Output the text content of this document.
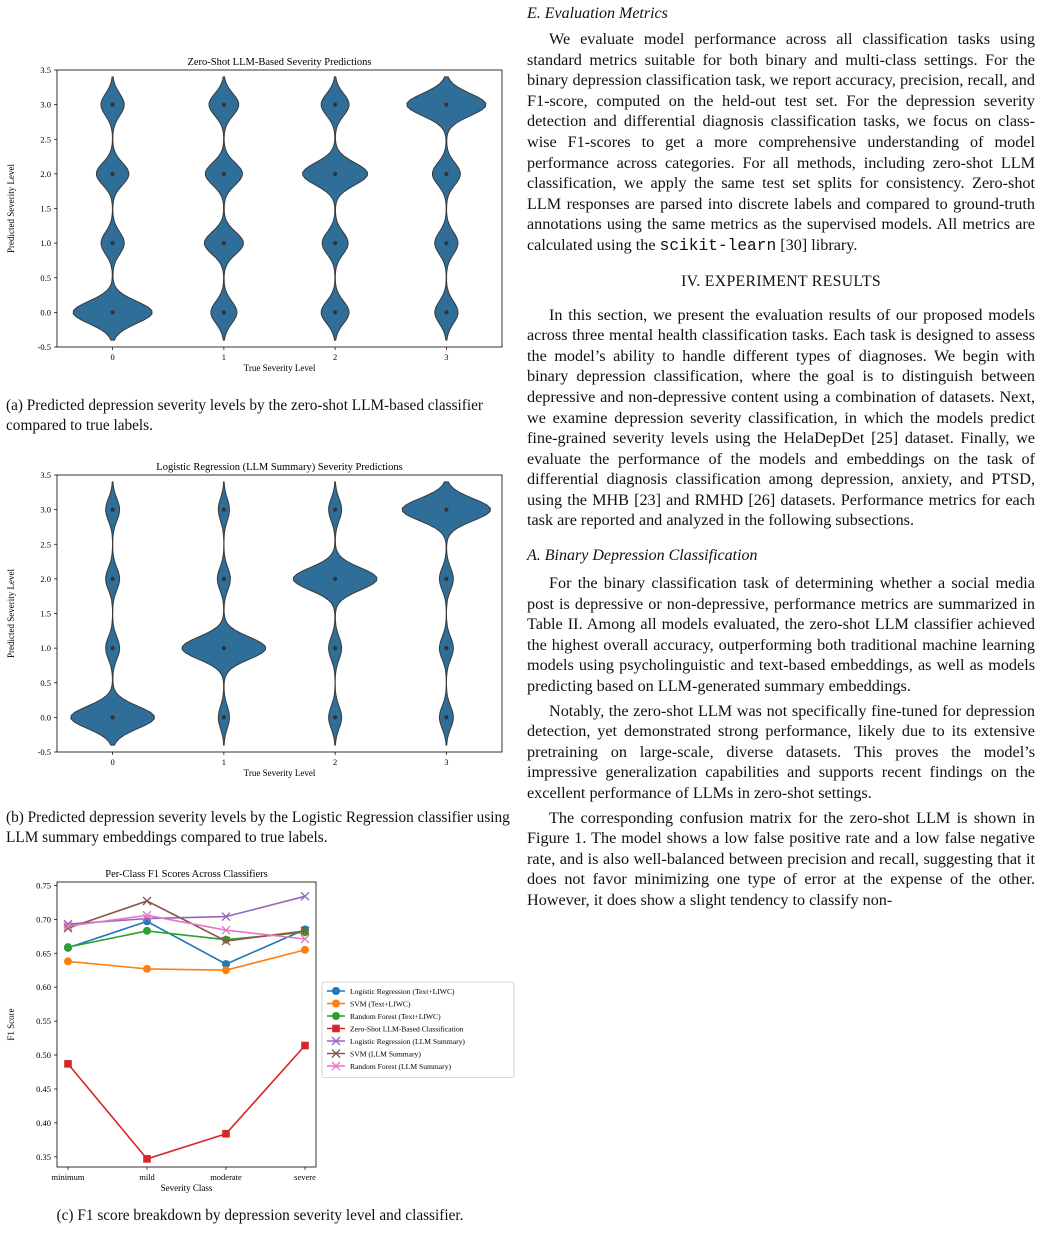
Zero-Shot LLM-Based Severity Predictions
-0.5
0.0
0.5
1.0
1.5
2.0
2.5
3.0
3.5
0	1	2	3
True Severity Level
Predicted Severity Level
(a) Predicted depression severity levels by the zero-shot LLM-based classifier compared to true labels.
Logistic Regression (LLM Summary) Severity Predictions
-0.5
0.0
0.5
1.0
1.5
2.0
2.5
3.0
3.5
0	1	2	3
True Severity Level
Predicted Severity Level
(b) Predicted depression severity levels by the Logistic Regression classifier using LLM summary embeddings compared to true labels.
Per-Class F1 Scores Across Classifiers
0.35
0.40
0.45
0.50
0.55
0.60
0.65
0.70
0.75
minimum	mild	moderate	severe
Severity Class
F1 Score
Logistic Regression (Text+LIWC)
SVM (Text+LIWC)
Random Forest (Text+LIWC)
Zero-Shot LLM-Based Classification
Logistic Regression (LLM Summary)
SVM (LLM Summary)
Random Forest (LLM Summary)
(c) F1 score breakdown by depression severity level and classifier.
E. Evaluation Metrics

We evaluate model performance across all classification tasks using standard metrics suitable for both binary and multi-class settings. For the binary depression classification task, we report accuracy, precision, recall, and F1-score, computed on the held-out test set. For the depression severity detection and differential diagnosis classification tasks, we focus on class-wise F1-scores to get a more comprehensive understanding of model performance across categories. For all methods, including zero-shot LLM classification, we apply the same test set splits for consistency. Zero-shot LLM responses are parsed into discrete labels and compared to ground-truth annotations using the same metrics as the supervised models. All metrics are calculated using the scikit-learn [30] library.

IV. EXPERIMENT RESULTS

In this section, we present the evaluation results of our proposed models across three mental health classification tasks. Each task is designed to assess the model’s ability to handle different types of diagnoses. We begin with binary depression classification, where the goal is to distinguish between depressive and non-depressive content using a combination of datasets. Next, we examine depression severity classification, in which the models predict fine-grained severity levels using the HelaDepDet [25] dataset. Finally, we evaluate the performance of the models and embeddings on the task of differential diagnosis classification among depression, anxiety, and PTSD, using the MHB [23] and RMHD [26] datasets. Performance metrics for each task are reported and analyzed in the following subsections.

A. Binary Depression Classification

For the binary classification task of determining whether a social media post is depressive or non-depressive, performance metrics are summarized in Table II. Among all models evaluated, the zero-shot LLM classifier achieved the highest overall accuracy, outperforming both traditional machine learning models using psycholinguistic and text-based embeddings, as well as models predicting based on LLM-generated summary embeddings.

Notably, the zero-shot LLM was not specifically fine-tuned for depression detection, yet demonstrated strong performance, likely due to its extensive pretraining on large-scale, diverse datasets. This proves the model’s impressive generalization capabilities and supports recent findings on the excellent performance of LLMs in zero-shot settings.

The corresponding confusion matrix for the zero-shot LLM is shown in Figure 1. The model shows a low false positive rate and a low false negative rate, and is also well-balanced between precision and recall, suggesting that it does not favor minimizing one type of error at the expense of the other. However, it does show a slight tendency to classify non-
